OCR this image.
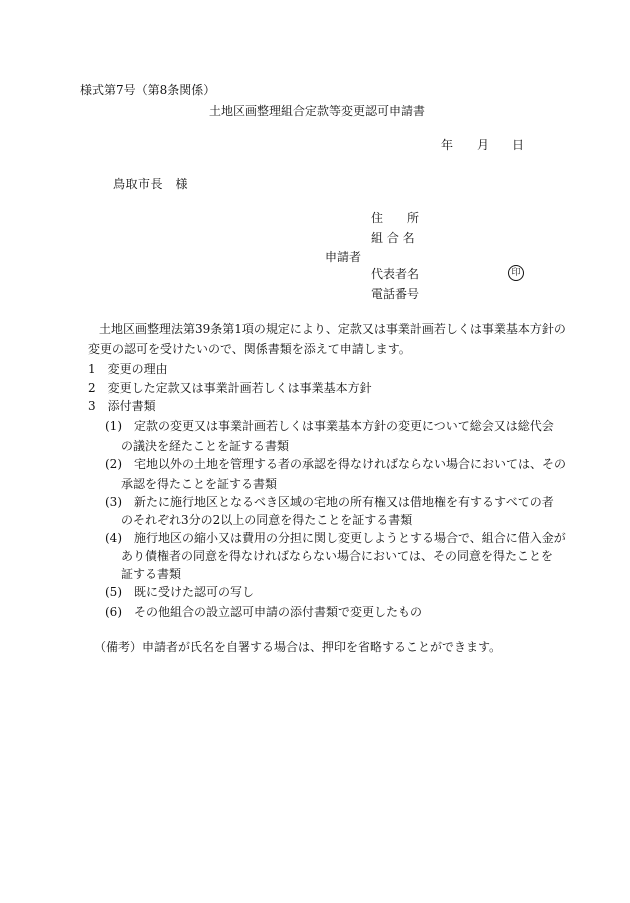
様式第7号（第8条関係）
土地区画整理組合定款等変更認可申請書
年 月 日
鳥取市長　様
住　　所
組 合 名
申請者
代表者名	印
電話番号
土地区画整理法第39条第1項の規定により、定款又は事業計画若しくは事業基本方針の
変更の認可を受けたいので、関係書類を添えて申請します。
1　変更の理由
2　変更した定款又は事業計画若しくは事業基本方針
3　添付書類
(1)　定款の変更又は事業計画若しくは事業基本方針の変更について総会又は総代会
の議決を経たことを証する書類
(2)　宅地以外の土地を管理する者の承認を得なければならない場合においては、その
承認を得たことを証する書類
(3)　新たに施行地区となるべき区域の宅地の所有権又は借地権を有するすべての者
のそれぞれ3分の2以上の同意を得たことを証する書類
(4)　施行地区の縮小又は費用の分担に関し変更しようとする場合で、組合に借入金が
あり債権者の同意を得なければならない場合においては、その同意を得たことを
証する書類
(5)　既に受けた認可の写し
(6)　その他組合の設立認可申請の添付書類で変更したもの
（備考）申請者が氏名を自署する場合は、押印を省略することができます。
